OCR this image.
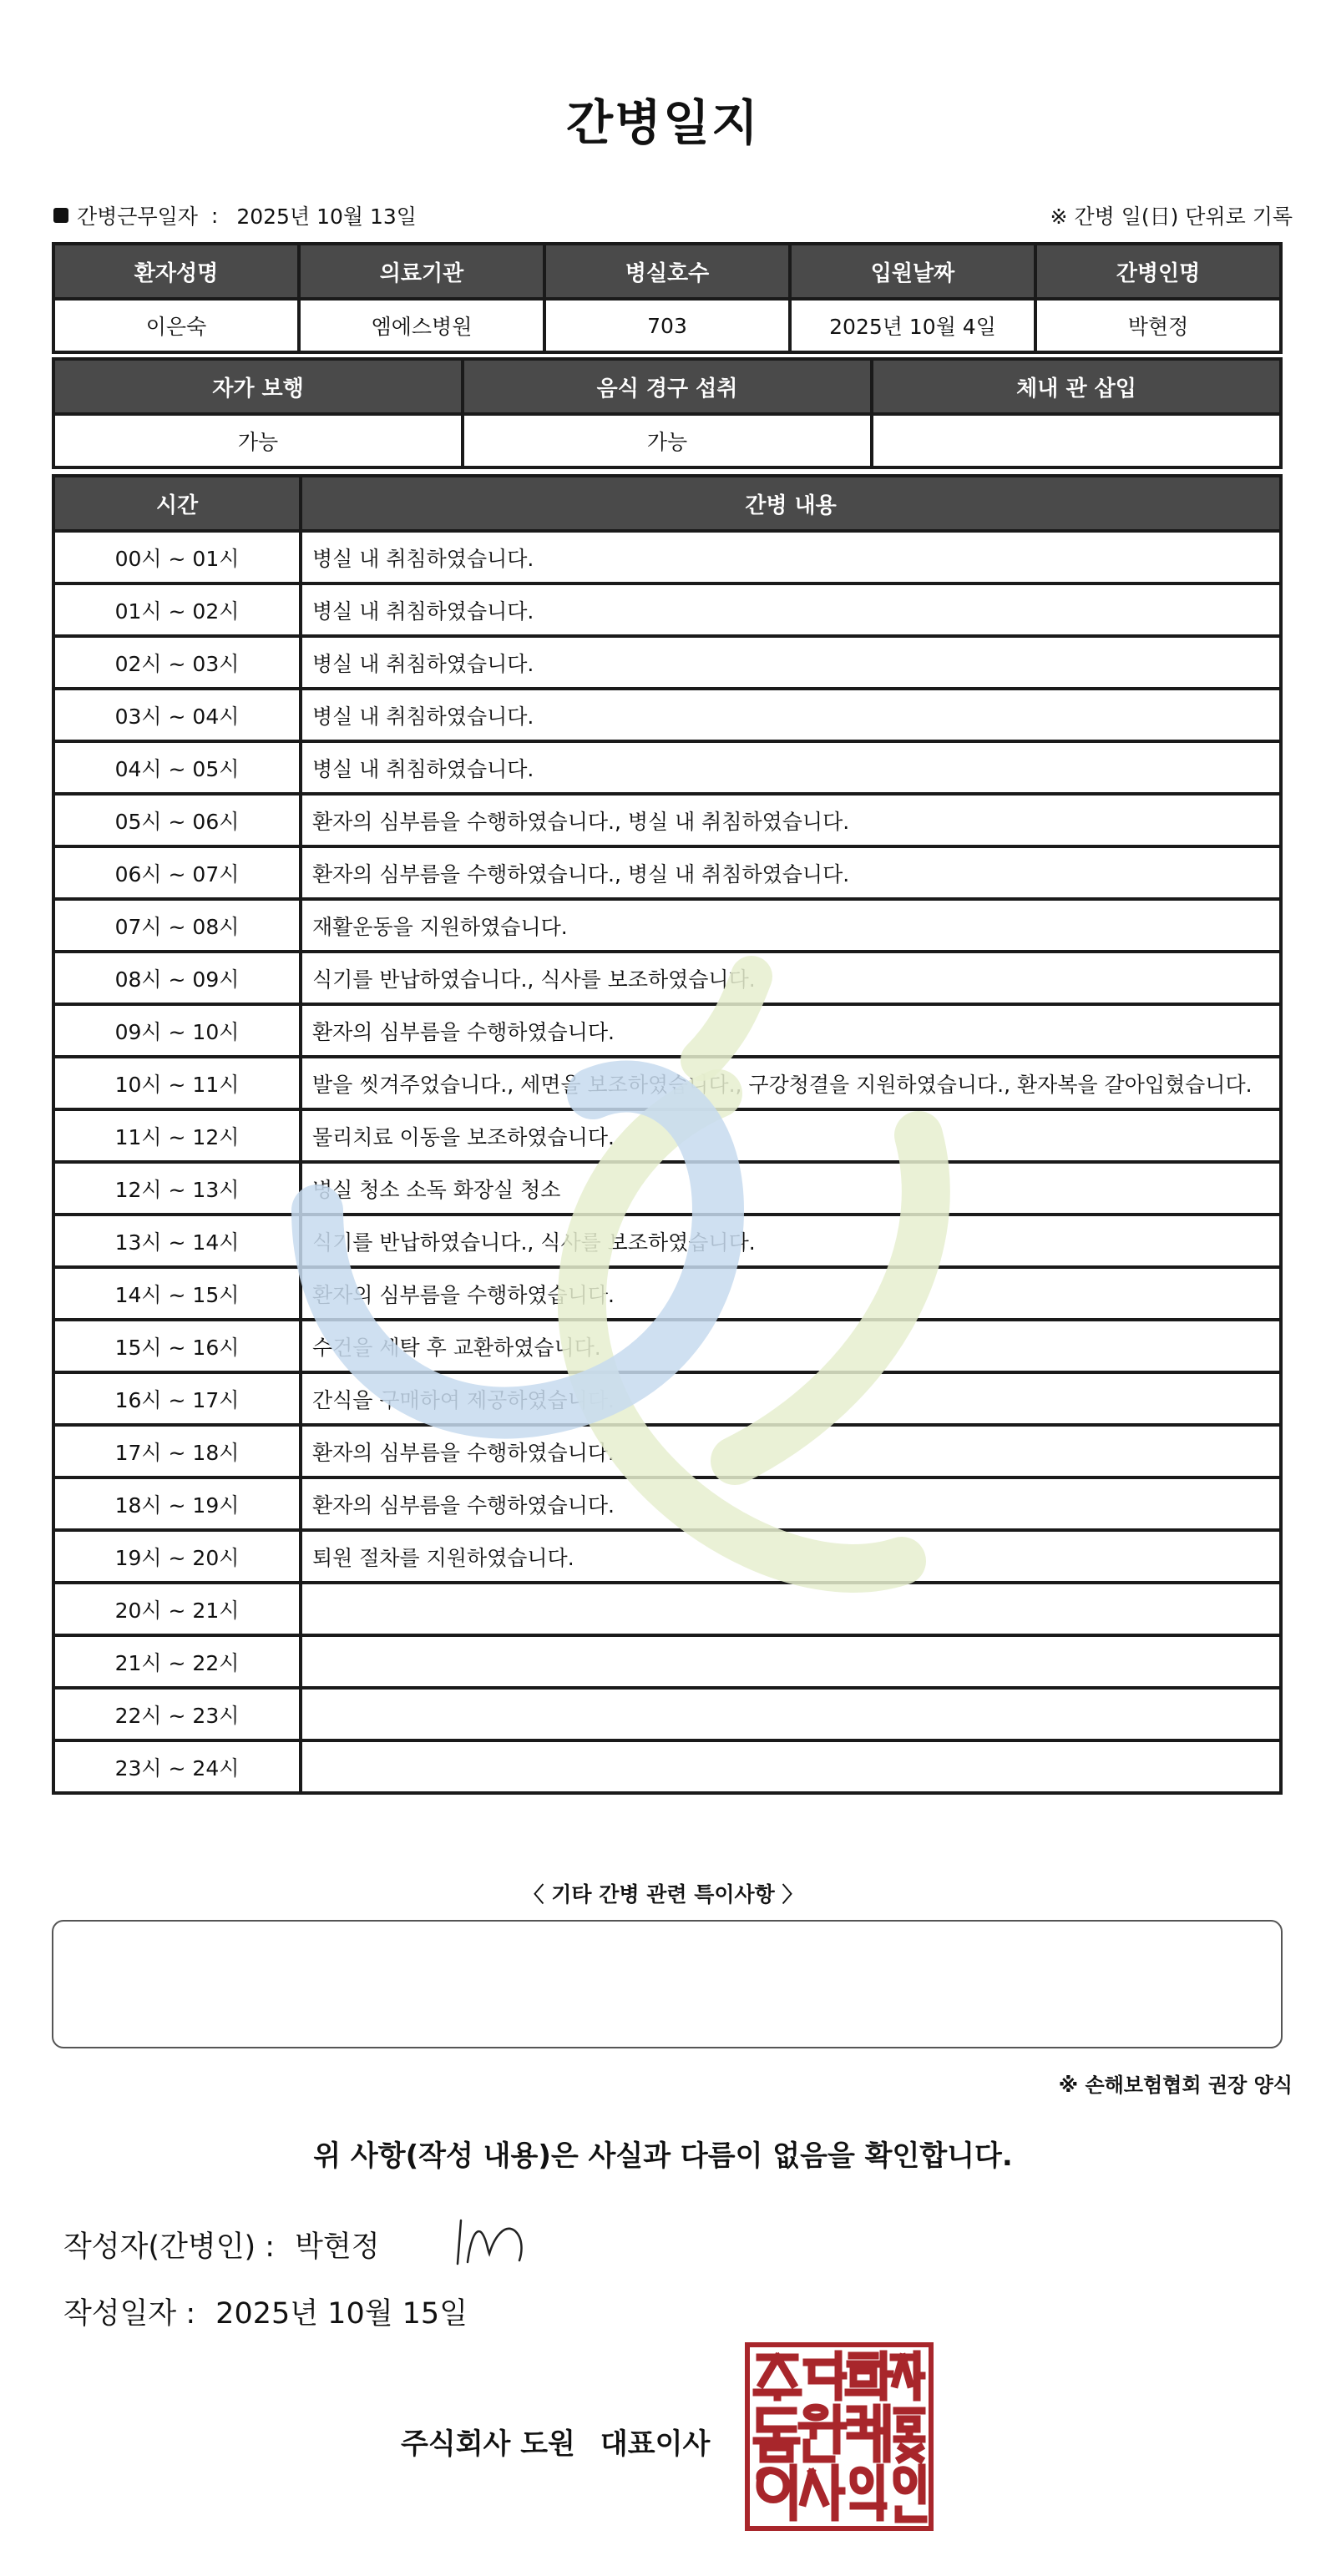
간병일지
간병근무일자 : 2025년 10월 13일	※ 간병 일(日) 단위로 기록
환자성명	의료기관	병실호수	입원날짜	간병인명
이은숙	엠에스병원	703	2025년 10월 4일	박현정
자가 보행	음식 경구 섭취	체내 관 삽입
가능	가능	
시간	간병 내용
00시 ~ 01시	병실 내 취침하였습니다.
01시 ~ 02시	병실 내 취침하였습니다.
02시 ~ 03시	병실 내 취침하였습니다.
03시 ~ 04시	병실 내 취침하였습니다.
04시 ~ 05시	병실 내 취침하였습니다.
05시 ~ 06시	환자의 심부름을 수행하였습니다., 병실 내 취침하였습니다.
06시 ~ 07시	환자의 심부름을 수행하였습니다., 병실 내 취침하였습니다.
07시 ~ 08시	재활운동을 지원하였습니다.
08시 ~ 09시	식기를 반납하였습니다., 식사를 보조하였습니다.
09시 ~ 10시	환자의 심부름을 수행하였습니다.
10시 ~ 11시	발을 씻겨주었습니다., 세면을 보조하였습니다., 구강청결을 지원하였습니다., 환자복을 갈아입혔습니다.
11시 ~ 12시	물리치료 이동을 보조하였습니다.
12시 ~ 13시	병실 청소 소독 화장실 청소
13시 ~ 14시	식기를 반납하였습니다., 식사를 보조하였습니다.
14시 ~ 15시	환자의 심부름을 수행하였습니다.
15시 ~ 16시	수건을 세탁 후 교환하였습니다.
16시 ~ 17시	간식을 구매하여 제공하였습니다.
17시 ~ 18시	환자의 심부름을 수행하였습니다.
18시 ~ 19시	환자의 심부름을 수행하였습니다.
19시 ~ 20시	퇴원 절차를 지원하였습니다.
20시 ~ 21시	
21시 ~ 22시	
22시 ~ 23시	
23시 ~ 24시	
〈 기타 간병 관련 특이사항 〉
※ 손해보험협회 권장 양식
위 사항(작성 내용)은 사실과 다름이 없음을 확인합니다.
작성자(간병인) : 박현정
작성일자 : 2025년 10월 15일
주식회사 도원 대표이사
